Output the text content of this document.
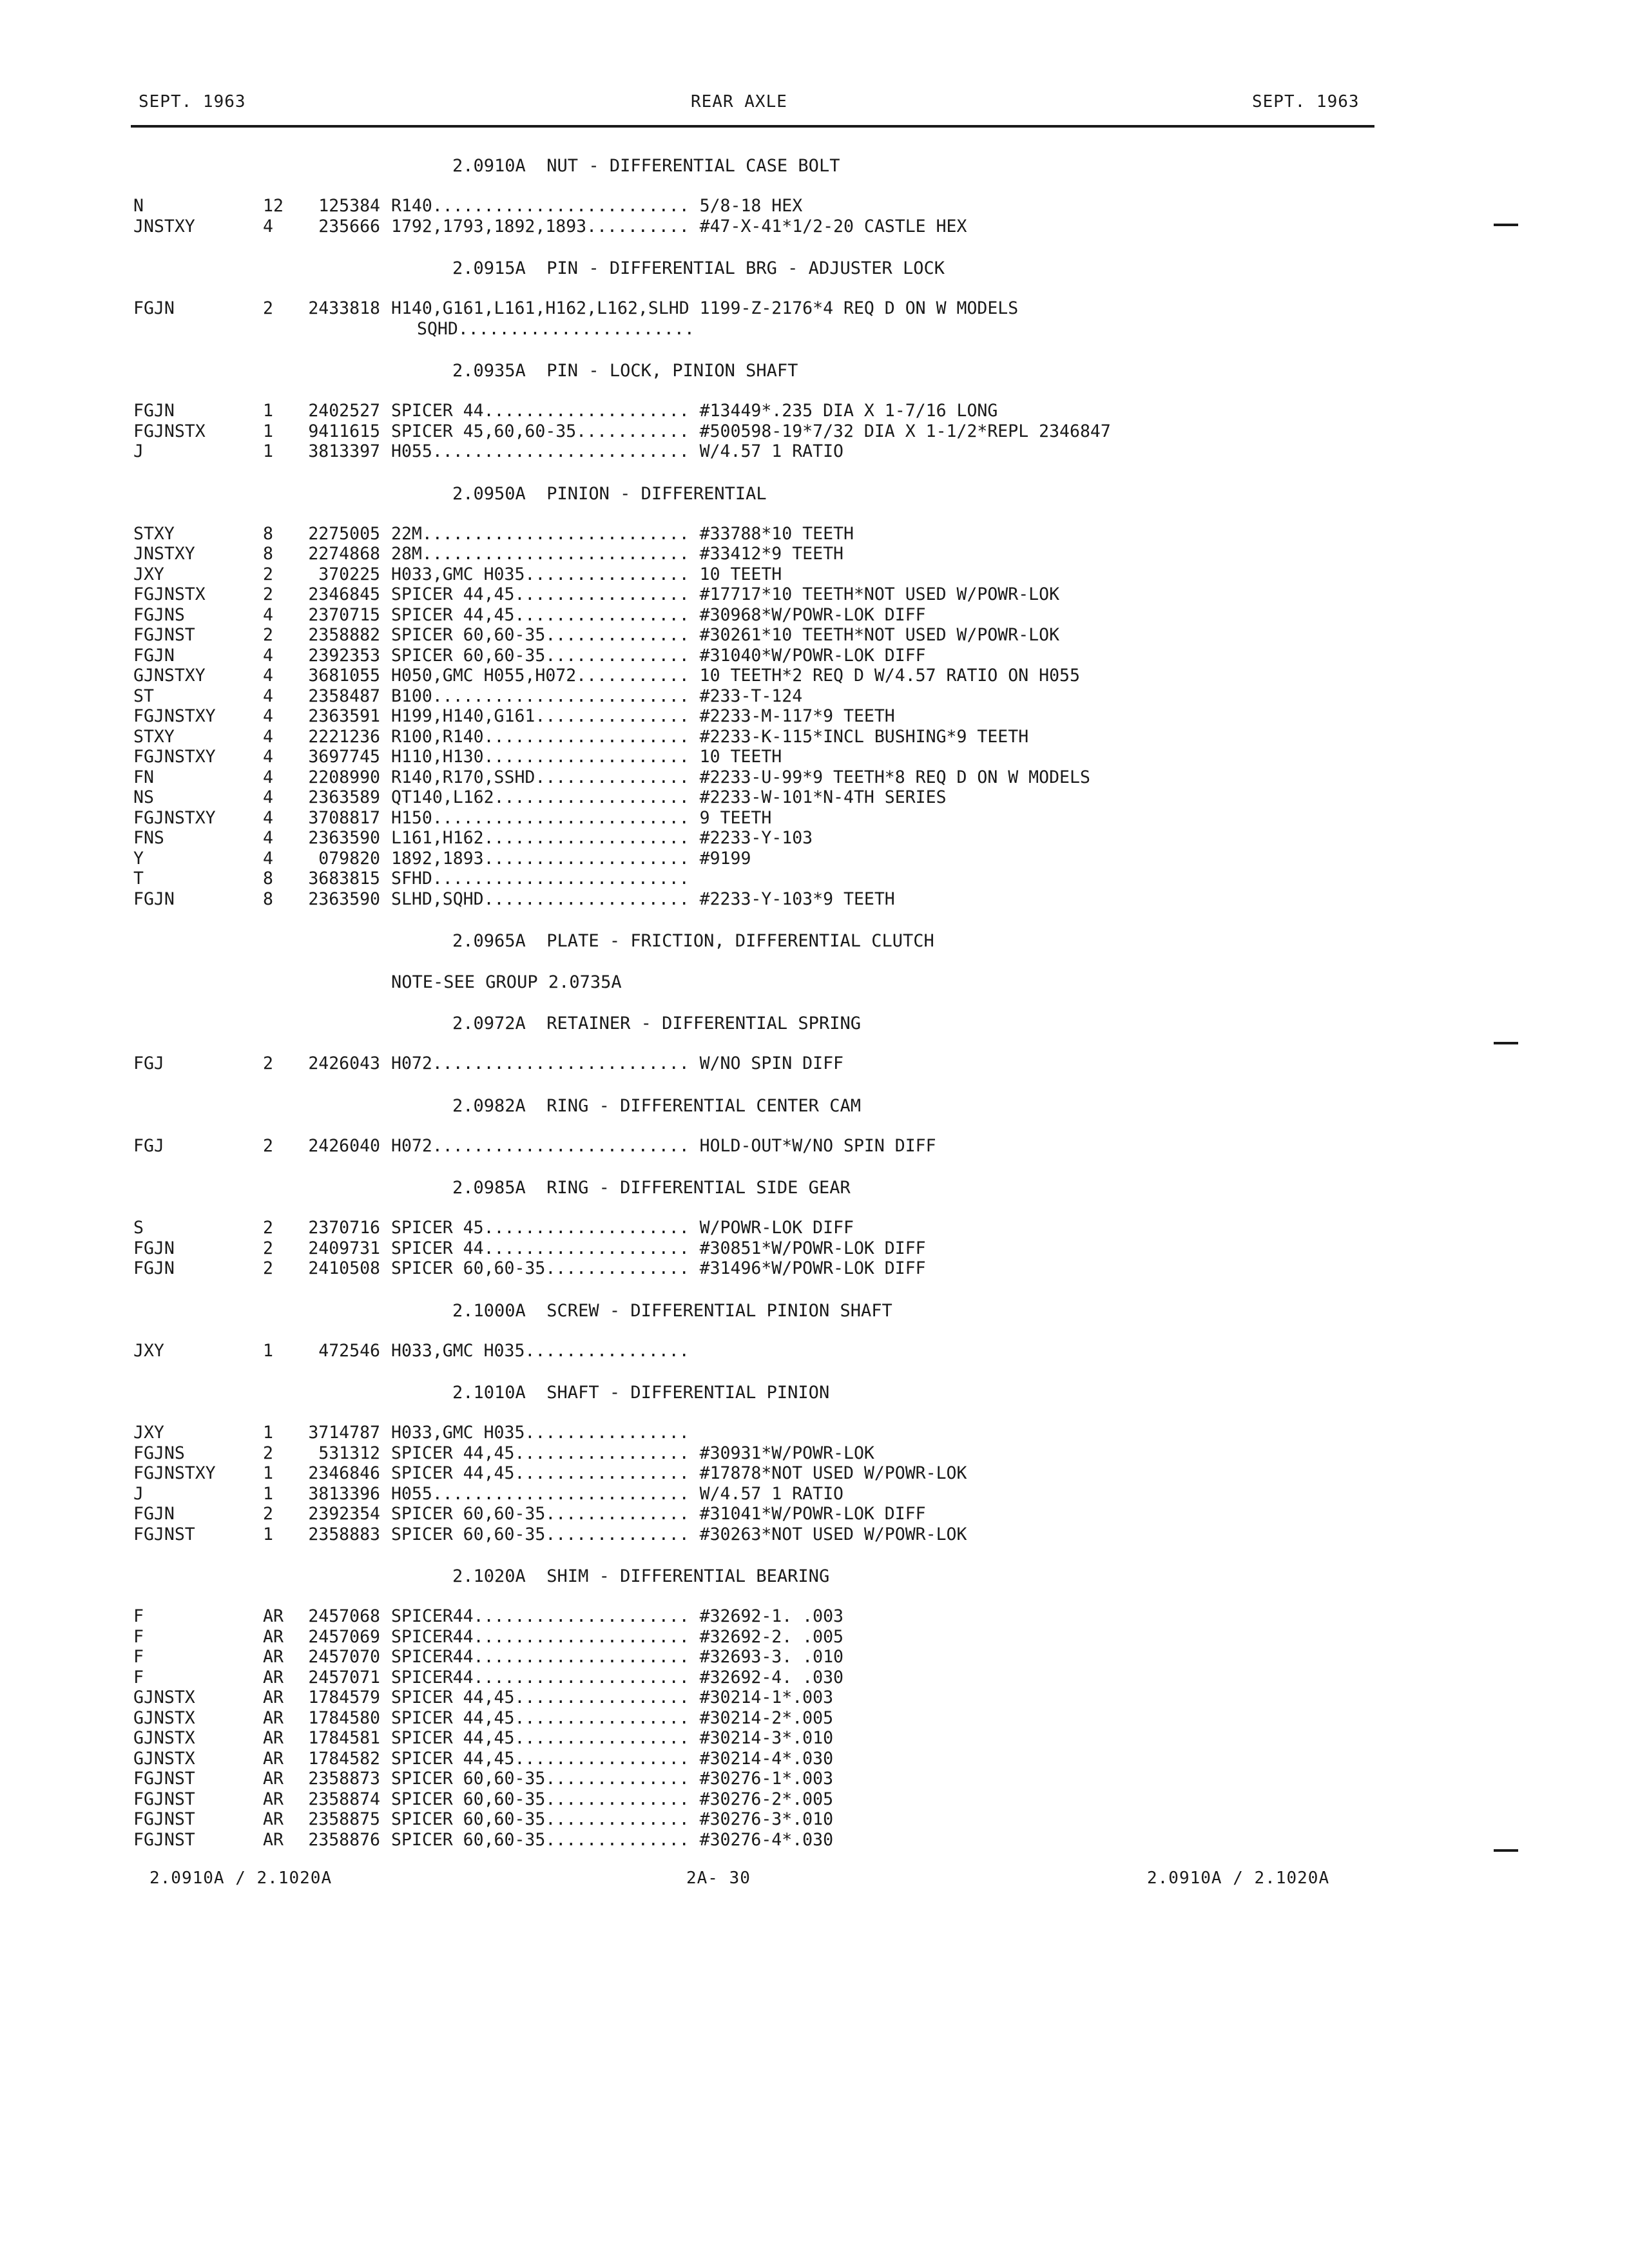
SEPT. 1963	REAR AXLE	SEPT. 1963
2.0910A  NUT - DIFFERENTIAL CASE BOLT
N	12	125384 R140......................... 5/8-18 HEX
JNSTXY	4	235666 1792,1793,1892,1893.......... #47-X-41*1/2-20 CASTLE HEX
2.0915A  PIN - DIFFERENTIAL BRG - ADJUSTER LOCK
FGJN	2	2433818 H140,G161,L161,H162,L162,SLHD 1199-Z-2176*4 REQ D ON W MODELS
SQHD.......................
2.0935A  PIN - LOCK, PINION SHAFT
FGJN	1	2402527 SPICER 44.................... #13449*.235 DIA X 1-7/16 LONG
FGJNSTX	1	9411615 SPICER 45,60,60-35........... #500598-19*7/32 DIA X 1-1/2*REPL 2346847
J	1	3813397 H055......................... W/4.57 1 RATIO
2.0950A  PINION - DIFFERENTIAL
STXY	8	2275005 22M.......................... #33788*10 TEETH
JNSTXY	8	2274868 28M.......................... #33412*9 TEETH
JXY	2	370225 H033,GMC H035................ 10 TEETH
FGJNSTX	2	2346845 SPICER 44,45................. #17717*10 TEETH*NOT USED W/POWR-LOK
FGJNS	4	2370715 SPICER 44,45................. #30968*W/POWR-LOK DIFF
FGJNST	2	2358882 SPICER 60,60-35.............. #30261*10 TEETH*NOT USED W/POWR-LOK
FGJN	4	2392353 SPICER 60,60-35.............. #31040*W/POWR-LOK DIFF
GJNSTXY	4	3681055 H050,GMC H055,H072........... 10 TEETH*2 REQ D W/4.57 RATIO ON H055
ST	4	2358487 B100......................... #233-T-124
FGJNSTXY	4	2363591 H199,H140,G161............... #2233-M-117*9 TEETH
STXY	4	2221236 R100,R140.................... #2233-K-115*INCL BUSHING*9 TEETH
FGJNSTXY	4	3697745 H110,H130.................... 10 TEETH
FN	4	2208990 R140,R170,SSHD............... #2233-U-99*9 TEETH*8 REQ D ON W MODELS
NS	4	2363589 QT140,L162................... #2233-W-101*N-4TH SERIES
FGJNSTXY	4	3708817 H150......................... 9 TEETH
FNS	4	2363590 L161,H162.................... #2233-Y-103
Y	4	079820 1892,1893.................... #9199
T	8	3683815 SFHD.........................
FGJN	8	2363590 SLHD,SQHD.................... #2233-Y-103*9 TEETH
2.0965A  PLATE - FRICTION, DIFFERENTIAL CLUTCH
NOTE-SEE GROUP 2.0735A
2.0972A  RETAINER - DIFFERENTIAL SPRING
FGJ	2	2426043 H072......................... W/NO SPIN DIFF
2.0982A  RING - DIFFERENTIAL CENTER CAM
FGJ	2	2426040 H072......................... HOLD-OUT*W/NO SPIN DIFF
2.0985A  RING - DIFFERENTIAL SIDE GEAR
S	2	2370716 SPICER 45.................... W/POWR-LOK DIFF
FGJN	2	2409731 SPICER 44.................... #30851*W/POWR-LOK DIFF
FGJN	2	2410508 SPICER 60,60-35.............. #31496*W/POWR-LOK DIFF
2.1000A  SCREW - DIFFERENTIAL PINION SHAFT
JXY	1	472546 H033,GMC H035................
2.1010A  SHAFT - DIFFERENTIAL PINION
JXY	1	3714787 H033,GMC H035................
FGJNS	2	531312 SPICER 44,45................. #30931*W/POWR-LOK
FGJNSTXY	1	2346846 SPICER 44,45................. #17878*NOT USED W/POWR-LOK
J	1	3813396 H055......................... W/4.57 1 RATIO
FGJN	2	2392354 SPICER 60,60-35.............. #31041*W/POWR-LOK DIFF
FGJNST	1	2358883 SPICER 60,60-35.............. #30263*NOT USED W/POWR-LOK
2.1020A  SHIM - DIFFERENTIAL BEARING
F	AR	2457068 SPICER44..................... #32692-1. .003
F	AR	2457069 SPICER44..................... #32692-2. .005
F	AR	2457070 SPICER44..................... #32693-3. .010
F	AR	2457071 SPICER44..................... #32692-4. .030
GJNSTX	AR	1784579 SPICER 44,45................. #30214-1*.003
GJNSTX	AR	1784580 SPICER 44,45................. #30214-2*.005
GJNSTX	AR	1784581 SPICER 44,45................. #30214-3*.010
GJNSTX	AR	1784582 SPICER 44,45................. #30214-4*.030
FGJNST	AR	2358873 SPICER 60,60-35.............. #30276-1*.003
FGJNST	AR	2358874 SPICER 60,60-35.............. #30276-2*.005
FGJNST	AR	2358875 SPICER 60,60-35.............. #30276-3*.010
FGJNST	AR	2358876 SPICER 60,60-35.............. #30276-4*.030
2.0910A / 2.1020A	2A- 30	2.0910A / 2.1020A
